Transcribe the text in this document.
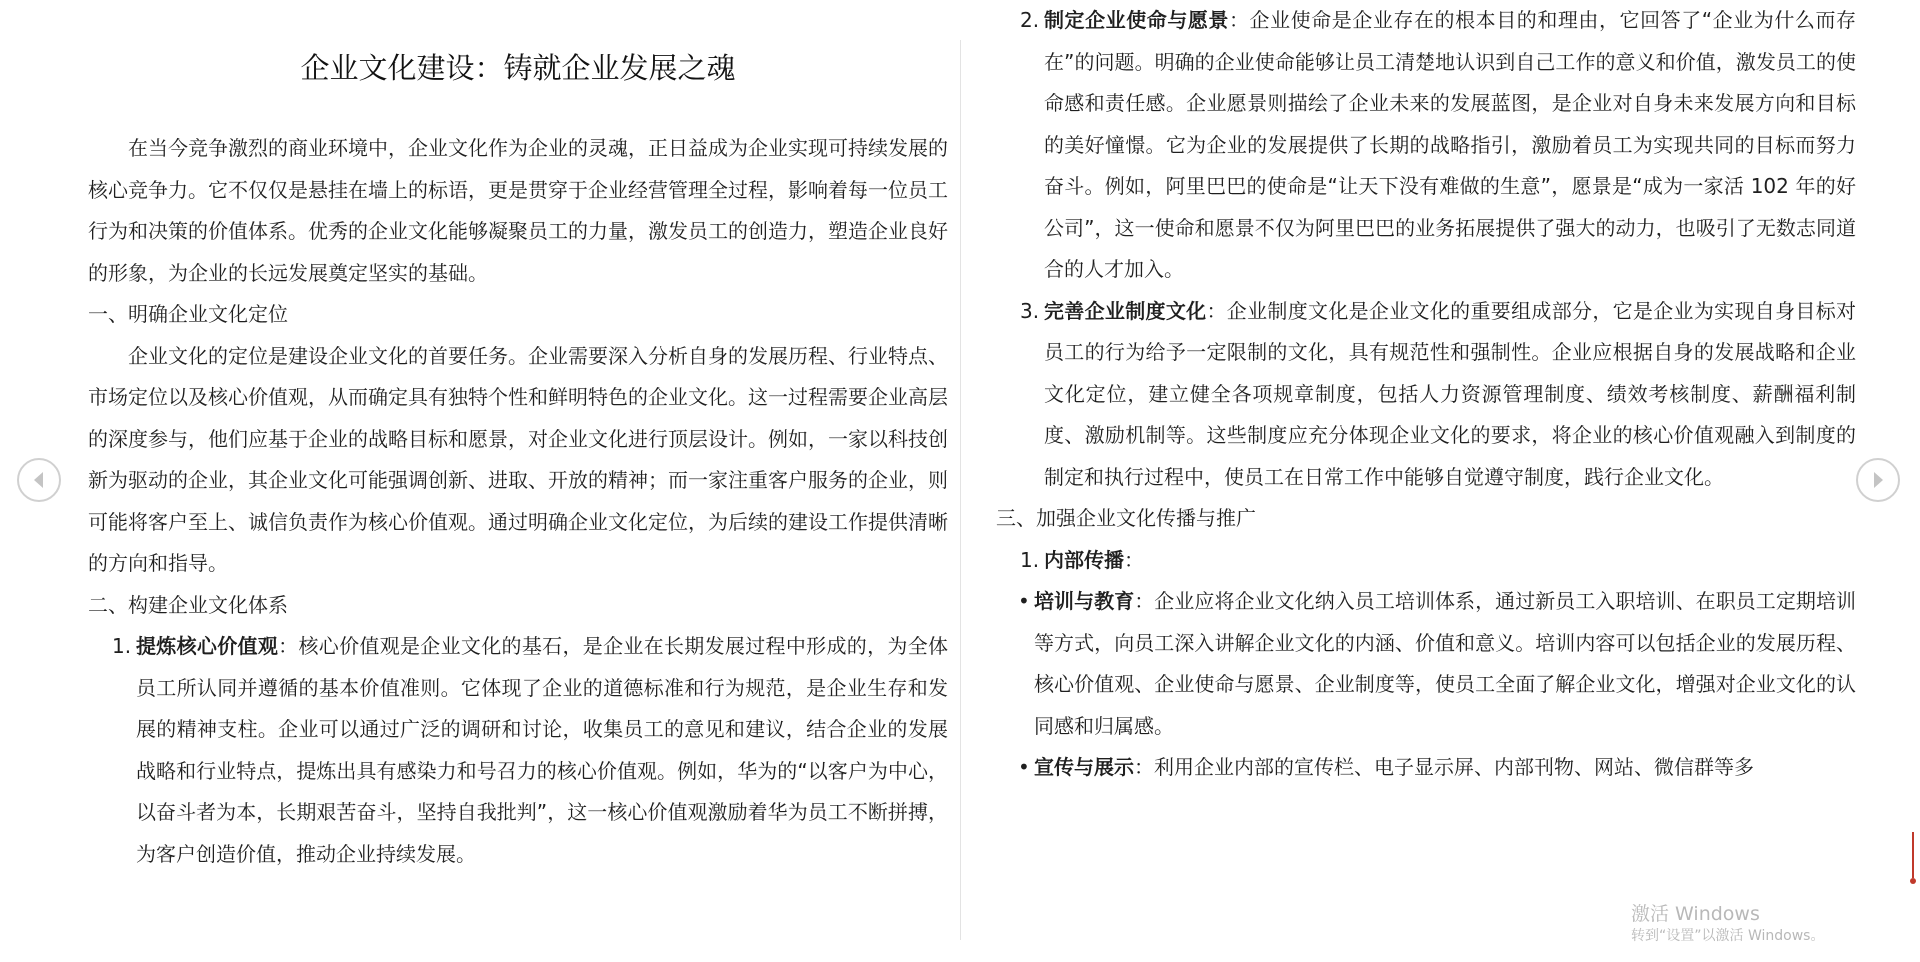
企业文化建设：铸就企业发展之魂

在当今竞争激烈的商业环境中，企业文化作为企业的灵魂，正日益成为企业实现可持续发展的核心竞争力。它不仅仅是悬挂在墙上的标语，更是贯穿于企业经营管理全过程，影响着每一位员工行为和决策的价值体系。优秀的企业文化能够凝聚员工的力量，激发员工的创造力，塑造企业良好的形象，为企业的长远发展奠定坚实的基础。

一、明确企业文化定位

企业文化的定位是建设企业文化的首要任务。企业需要深入分析自身的发展历程、行业特点、市场定位以及核心价值观，从而确定具有独特个性和鲜明特色的企业文化。这一过程需要企业高层的深度参与，他们应基于企业的战略目标和愿景，对企业文化进行顶层设计。例如，一家以科技创新为驱动的企业，其企业文化可能强调创新、进取、开放的精神；而一家注重客户服务的企业，则可能将客户至上、诚信负责作为核心价值观。通过明确企业文化定位，为后续的建设工作提供清晰的方向和指导。

二、构建企业文化体系
1. 提炼核心价值观：核心价值观是企业文化的基石，是企业在长期发展过程中形成的，为全体员工所认同并遵循的基本价值准则。它体现了企业的道德标准和行为规范，是企业生存和发展的精神支柱。企业可以通过广泛的调研和讨论，收集员工的意见和建议，结合企业的发展战略和行业特点，提炼出具有感染力和号召力的核心价值观。例如，华为的“以客户为中心，以奋斗者为本，长期艰苦奋斗，坚持自我批判”，这一核心价值观激励着华为员工不断拼搏，为客户创造价值，推动企业持续发展。
2. 制定企业使命与愿景：企业使命是企业存在的根本目的和理由，它回答了“企业为什么而存在”的问题。明确的企业使命能够让员工清楚地认识到自己工作的意义和价值，激发员工的使命感和责任感。企业愿景则描绘了企业未来的发展蓝图，是企业对自身未来发展方向和目标的美好憧憬。它为企业的发展提供了长期的战略指引，激励着员工为实现共同的目标而努力奋斗。例如，阿里巴巴的使命是“让天下没有难做的生意”，愿景是“成为一家活 102 年的好公司”，这一使命和愿景不仅为阿里巴巴的业务拓展提供了强大的动力，也吸引了无数志同道合的人才加入。
3. 完善企业制度文化：企业制度文化是企业文化的重要组成部分，它是企业为实现自身目标对员工的行为给予一定限制的文化，具有规范性和强制性。企业应根据自身的发展战略和企业文化定位，建立健全各项规章制度，包括人力资源管理制度、绩效考核制度、薪酬福利制度、激励机制等。这些制度应充分体现企业文化的要求，将企业的核心价值观融入到制度的制定和执行过程中，使员工在日常工作中能够自觉遵守制度，践行企业文化。
三、加强企业文化传播与推广
1. 内部传播：
• 培训与教育：企业应将企业文化纳入员工培训体系，通过新员工入职培训、在职员工定期培训等方式，向员工深入讲解企业文化的内涵、价值和意义。培训内容可以包括企业的发展历程、核心价值观、企业使命与愿景、企业制度等，使员工全面了解企业文化，增强对企业文化的认同感和归属感。
• 宣传与展示：利用企业内部的宣传栏、电子显示屏、内部刊物、网站、微信群等多
激活 Windows
转到“设置”以激活 Windows。
